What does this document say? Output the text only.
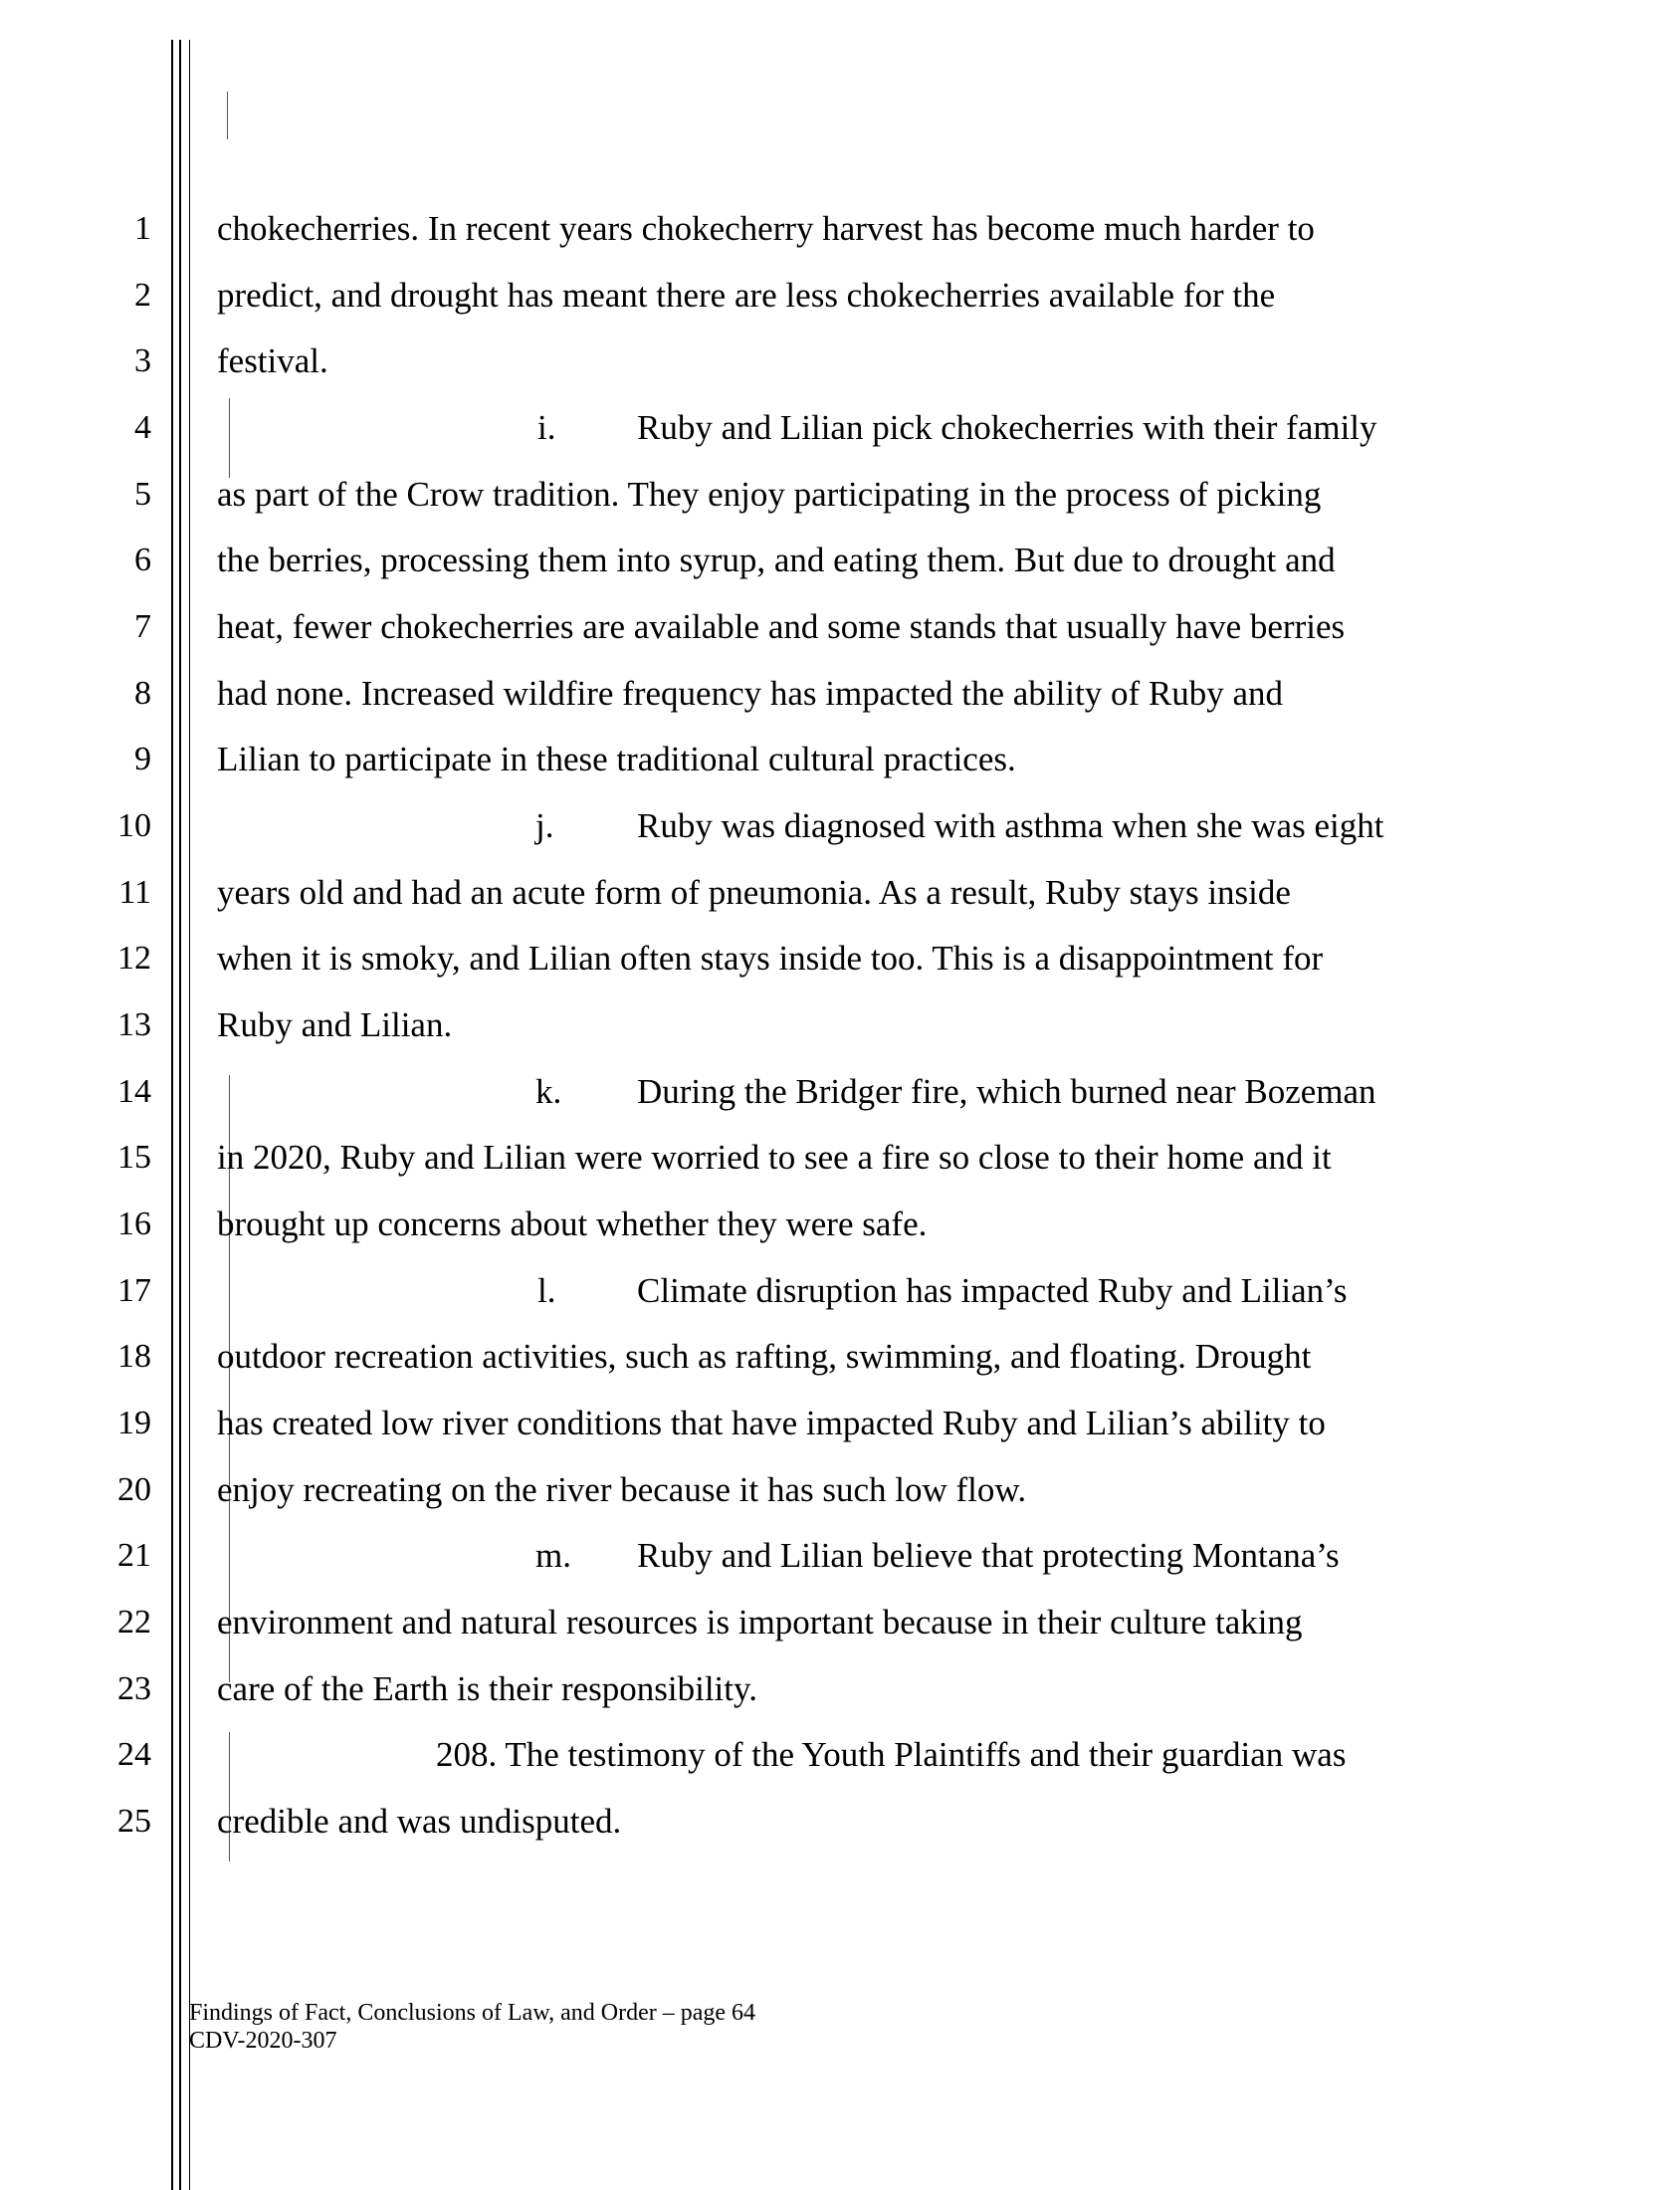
1
2
3
4
5
6
7
8
9
10
11
12
13
14
15
16
17
18
19
20
21
22
23
24
25
chokecherries. In recent years chokecherry harvest has become much harder to
predict, and drought has meant there are less chokecherries available for the
festival.
i. Ruby and Lilian pick chokecherries with their family
as part of the Crow tradition. They enjoy participating in the process of picking
the berries, processing them into syrup, and eating them. But due to drought and
heat, fewer chokecherries are available and some stands that usually have berries
had none. Increased wildfire frequency has impacted the ability of Ruby and
Lilian to participate in these traditional cultural practices.
j. Ruby was diagnosed with asthma when she was eight
years old and had an acute form of pneumonia. As a result, Ruby stays inside
when it is smoky, and Lilian often stays inside too. This is a disappointment for
Ruby and Lilian.
k. During the Bridger fire, which burned near Bozeman
in 2020, Ruby and Lilian were worried to see a fire so close to their home and it
brought up concerns about whether they were safe.
l. Climate disruption has impacted Ruby and Lilian’s
outdoor recreation activities, such as rafting, swimming, and floating. Drought
has created low river conditions that have impacted Ruby and Lilian’s ability to
enjoy recreating on the river because it has such low flow.
m. Ruby and Lilian believe that protecting Montana’s
environment and natural resources is important because in their culture taking
care of the Earth is their responsibility.
208. The testimony of the Youth Plaintiffs and their guardian was
credible and was undisputed.
Findings of Fact, Conclusions of Law, and Order – page 64
CDV-2020-307
